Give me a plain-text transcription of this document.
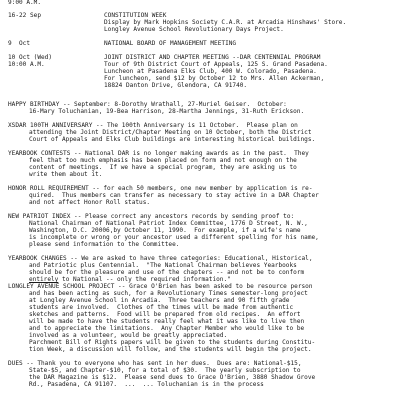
9:00 A.M.
16-22 Sep	CONSTITUTION WEEK
Display by Mark Hopkins Society C.A.R. at Arcadia Hinshaws' Store.
Longley Avenue School Revolutionary Days Project.
9  Oct	NATIONAL BOARD OF MANAGEMENT MEETING
10 Oct (Wed)	JOINT DISTRICT AND CHAPTER MEETING --DAR CENTENNIAL PROGRAM
10:00 A.M.	Tour of 9th District Court of Appeals, 125 S. Grand Pasadena.
Luncheon at Pasadena Elks Club, 400 W. Colorado, Pasadena.
For luncheon, send $12 by October 12 to Mrs. Allen Ackerman,
18824 Danton Drive, Glendora, CA 91740.
HAPPY BIRTHDAY -- September: 8-Dorothy Wrathall, 27-Muriel Geiser.  October:
16-Mary Toluchanian, 19-Bea Harrison, 28-Martha Jennings, 31-Ruth Erickson.
XSDAR 100TH ANNIVERSARY -- The 100th Anniversary is 11 October.  Please plan on
attending the Joint District/Chapter Meeting on 10 October, both the District
Court of Appeals and Elks Club buildings are interesting historical buildings.
YEARBOOK CONTESTS -- National DAR is no longer making awards as in the past.  They
feel that too much emphasis has been placed on form and not enough on the
content of meetings.  If we have a special program, they are asking us to
write them about it.
HONOR ROLL REQUIREMENT -- for each 50 members, one new member by application is re-
quired.  Thus members can transfer as necessary to stay active in a DAR Chapter
and not affect Honor Roll status.
NEW PATRIOT INDEX -- Please correct any ancestors records by sending proof to:
National Chairman of National Patriot Index Committee, 1776 D Street, N. W.,
Washington, D.C. 20006,by October 11, 1990.  For example, if a wife's name
is incomplete or wrong or your ancestor used a different spelling for his name,
please send information to the Committee.
YEARBOOK CHANGES -- We are asked to have three categories: Educational, Historical,
and Patriotic plus Centennial.  "The National Chairman believes Yearbooks
should be for the pleasure and use of the chapters -- and not be to conform
entirely to National -- only the required information."
LONGLEY AVENUE SCHOOL PROJECT -- Grace O'Brien has been asked to be resource person
and has been acting as such, for a Revolutionary Times semester-long project
at Longley Avenue School in Arcadia.  Three teachers and 90 fifth grade
students are involved.  Clothes of the times will be made from authentic
sketches and patterns.  Food will be prepared from old recipes.  An effort
will be made to have the students really feel what it was like to live then
and to appreciate the limitations.  Any Chapter Member who would like to be
involved as a volunteer, would be greatly appreciated.
Parchment Bill of Rights papers will be given to the students during Constitu-
tion Week, a discussion will follow, and the students will begin the project.
DUES -- Thank you to everyone who has sent in her dues.  Dues are: National-$15,
State-$5, and Chapter-$10, for a total of $30.  The yearly subscription to
the DAR Magazine is $12.  Please send dues to Grace O'Brien, 3880 Shadow Grove
Rd., Pasadena, CA 91107.  ...  ... Toluchanian is in the process
